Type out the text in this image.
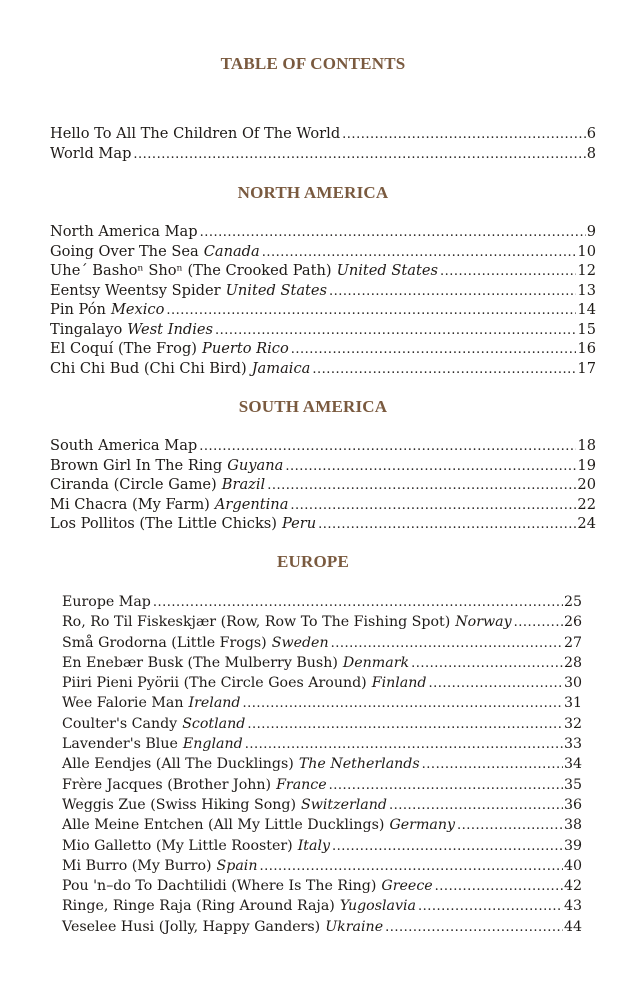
TABLE OF CONTENTS
Hello To All The Children Of The World .....	6
World Map .....	8
NORTH AMERICA
North America Map .....	9
Going Over The Sea Canada .....	10
Uhe´ Bashoⁿ Shoⁿ (The Crooked Path) United States .....	12
Eentsy Weentsy Spider United States .....	13
Pin Pón Mexico .....	14
Tingalayo West Indies .....	15
El Coquí (The Frog) Puerto Rico .....	16
Chi Chi Bud (Chi Chi Bird) Jamaica .....	17
SOUTH AMERICA
South America Map .....	18
Brown Girl In The Ring Guyana .....	19
Ciranda (Circle Game) Brazil .....	20
Mi Chacra (My Farm) Argentina .....	22
Los Pollitos (The Little Chicks) Peru .....	24
EUROPE
Europe Map .....	25
Ro, Ro Til Fiskeskjær (Row, Row To The Fishing Spot) Norway .....	26
Små Grodorna (Little Frogs) Sweden .....	27
En Enebær Busk (The Mulberry Bush) Denmark .....	28
Piiri Pieni Pyörii (The Circle Goes Around) Finland .....	30
Wee Falorie Man Ireland .....	31
Coulter's Candy Scotland .....	32
Lavender's Blue England .....	33
Alle Eendjes (All The Ducklings) The Netherlands .....	34
Frère Jacques (Brother John) France .....	35
Weggis Zue (Swiss Hiking Song) Switzerland .....	36
Alle Meine Entchen (All My Little Ducklings) Germany .....	38
Mio Galletto (My Little Rooster) Italy .....	39
Mi Burro (My Burro) Spain .....	40
Pou 'n–do To Dachtilidi (Where Is The Ring) Greece .....	42
Ringe, Ringe Raja (Ring Around Raja) Yugoslavia .....	43
Veselee Husi (Jolly, Happy Ganders) Ukraine .....	44
